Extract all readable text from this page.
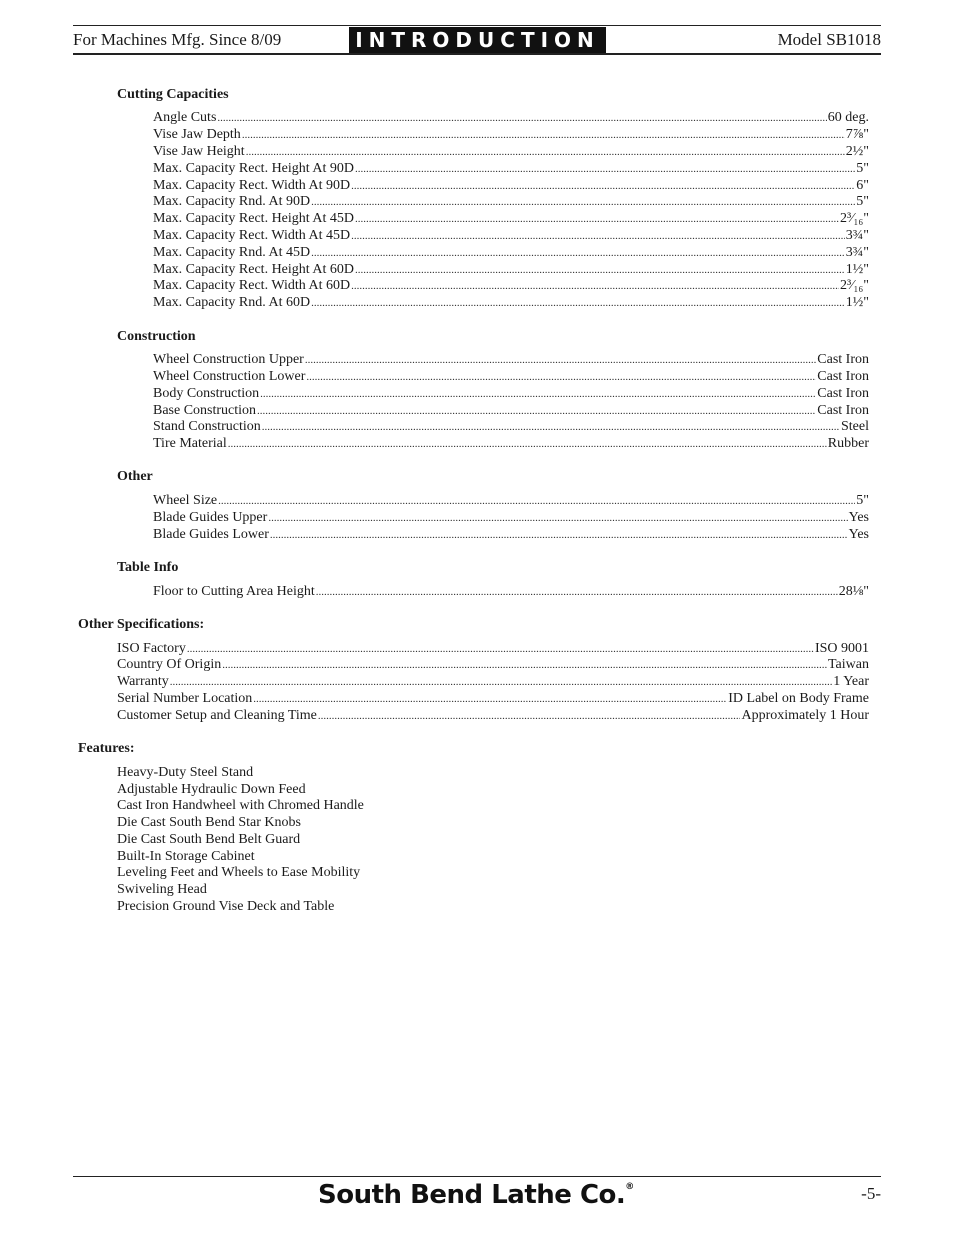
For Machines Mfg. Since 8/09	INTRODUCTION	Model SB1018
Cutting Capacities
Angle Cuts .....	60 deg.
Vise Jaw Depth .....	7⅞"
Vise Jaw Height .....	2½"
Max. Capacity Rect. Height At 90D .....	5"
Max. Capacity Rect. Width At 90D .....	6"
Max. Capacity Rnd. At 90D .....	5"
Max. Capacity Rect. Height At 45D .....	2³⁄₁₆"
Max. Capacity Rect. Width At 45D .....	3¾"
Max. Capacity Rnd. At 45D .....	3¾"
Max. Capacity Rect. Height At 60D .....	1½"
Max. Capacity Rect. Width At 60D .....	2³⁄₁₆"
Max. Capacity Rnd. At 60D .....	1½"
Construction
Wheel Construction Upper .....	Cast Iron
Wheel Construction Lower .....	Cast Iron
Body Construction .....	Cast Iron
Base Construction .....	Cast Iron
Stand Construction .....	Steel
Tire Material .....	Rubber
Other
Wheel Size .....	5"
Blade Guides Upper .....	Yes
Blade Guides Lower .....	Yes
Table Info
Floor to Cutting Area Height .....	28⅛"
Other Specifications:
ISO Factory .....	ISO 9001
Country Of Origin .....	Taiwan
Warranty .....	1 Year
Serial Number Location .....	ID Label on Body Frame
Customer Setup and Cleaning Time .....	Approximately 1 Hour
Features:
Heavy-Duty Steel Stand
Adjustable Hydraulic Down Feed
Cast Iron Handwheel with Chromed Handle
Die Cast South Bend Star Knobs
Die Cast South Bend Belt Guard
Built-In Storage Cabinet
Leveling Feet and Wheels to Ease Mobility
Swiveling Head
Precision Ground Vise Deck and Table
South Bend Lathe Co.®	-5-
